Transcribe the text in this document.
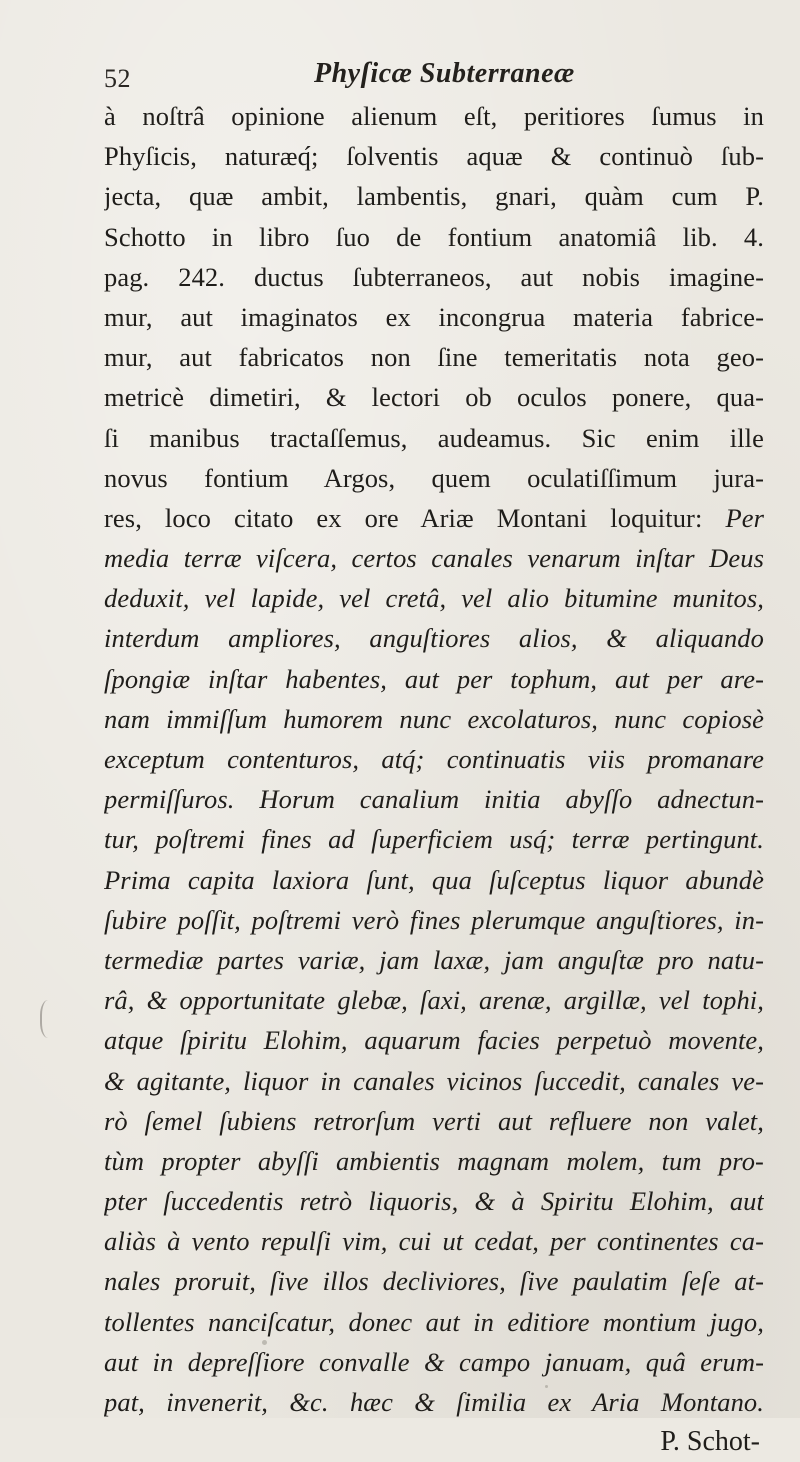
52	Phyſicæ Subterraneæ
à noſtrâ opinione alienum eſt, peritiores ſumus in
Phyſicis, naturæq́; ſolventis aquæ & continuò ſub-
jecta, quæ ambit, lambentis, gnari, quàm cum P.
Schotto in libro ſuo de fontium anatomiâ lib. 4.
pag. 242. ductus ſubterraneos, aut nobis imagine-
mur, aut imaginatos ex incongrua materia fabrice-
mur, aut fabricatos non ſine temeritatis nota geo-
metricè dimetiri, & lectori ob oculos ponere, qua-
ſi manibus tractaſſemus, audeamus. Sic enim ille
novus fontium Argos, quem oculatiſſimum jura-
res, loco citato ex ore Ariæ Montani loquitur: Per
media terræ viſcera, certos canales venarum inſtar Deus
deduxit, vel lapide, vel cretâ, vel alio bitumine munitos,
interdum ampliores, anguſtiores alios, & aliquando
ſpongiæ inſtar habentes, aut per tophum, aut per are-
nam immiſſum humorem nunc excolaturos, nunc copiosè
exceptum contenturos, atq́; continuatis viis promanare
permiſſuros. Horum canalium initia abyſſo adnectun-
tur, poſtremi fines ad ſuperficiem usq́; terræ pertingunt.
Prima capita laxiora ſunt, qua ſuſceptus liquor abundè
ſubire poſſit, poſtremi verò fines plerumque anguſtiores, in-
termediæ partes variæ, jam laxæ, jam anguſtæ pro natu-
râ, & opportunitate glebæ, ſaxi, arenæ, argillæ, vel tophi,
atque ſpiritu Elohim, aquarum facies perpetuò movente,
& agitante, liquor in canales vicinos ſuccedit, canales ve-
rò ſemel ſubiens retrorſum verti aut refluere non valet,
tùm propter abyſſi ambientis magnam molem, tum pro-
pter ſuccedentis retrò liquoris, & à Spiritu Elohim, aut
aliàs à vento repulſi vim, cui ut cedat, per continentes ca-
nales proruit, ſive illos decliviores, ſive paulatim ſeſe at-
tollentes nanciſcatur, donec aut in editiore montium jugo,
aut in depreſſiore convalle & campo januam, quâ erum-
pat, invenerit, &c. hæc & ſimilia ex Aria Montano.
P. Schot-
